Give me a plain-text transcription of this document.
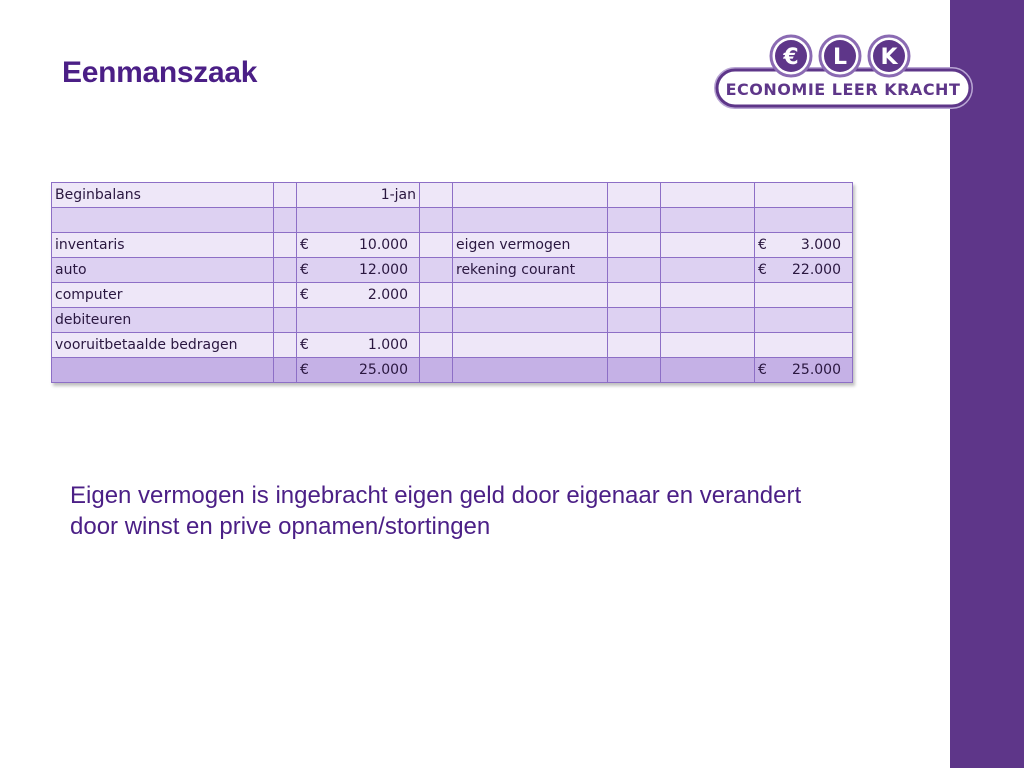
Eenmanszaak	€ L K
ECONOMIE LEER KRACHT
Beginbalans		1-jan					

inventaris		€ 10.000		eigen vermogen			€ 3.000

auto		€ 12.000		rekening courant			€ 22.000

computer		€ 2.000					

debiteuren		

vooruitbetaalde bedragen		€ 1.000					

		€ 25.000					€ 25.000

Eigen vermogen is ingebracht eigen geld door eigenaar en verandert door winst en prive opnamen/stortingen
